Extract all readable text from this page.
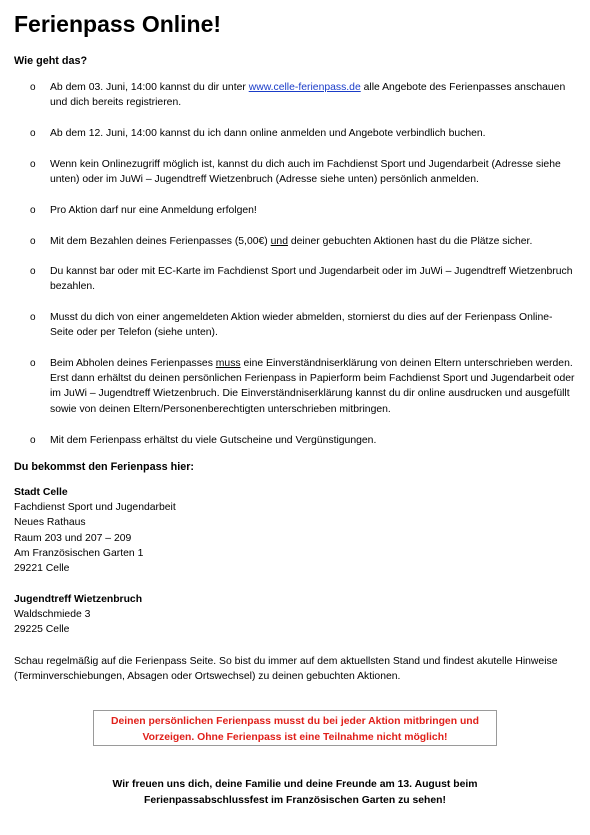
Ferienpass Online!
Wie geht das?
o Ab dem 03. Juni, 14:00 kannst du dir unter www.celle-ferienpass.de alle Angebote des Ferienpasses anschauen und dich bereits registrieren.
o Ab dem 12. Juni, 14:00 kannst du ich dann online anmelden und Angebote verbindlich buchen.
o Wenn kein Onlinezugriff möglich ist, kannst du dich auch im Fachdienst Sport und Jugendarbeit (Adresse siehe unten) oder im JuWi – Jugendtreff Wietzenbruch (Adresse siehe unten) persönlich anmelden.
o Pro Aktion darf nur eine Anmeldung erfolgen!
o Mit dem Bezahlen deines Ferienpasses (5,00€) und deiner gebuchten Aktionen hast du die Plätze sicher.
o Du kannst bar oder mit EC-Karte im Fachdienst Sport und Jugendarbeit oder im JuWi – Jugendtreff Wietzenbruch bezahlen.
o Musst du dich von einer angemeldeten Aktion wieder abmelden, stornierst du dies auf der Ferienpass Online-Seite oder per Telefon (siehe unten).
o Beim Abholen deines Ferienpasses muss eine Einverständniserklärung von deinen Eltern unterschrieben werden. Erst dann erhältst du deinen persönlichen Ferienpass in Papierform beim Fachdienst Sport und Jugendarbeit oder im JuWi – Jugendtreff Wietzenbruch. Die Einverständniserklärung kannst du dir online ausdrucken und ausgefüllt sowie von deinen Eltern/Personenberechtigten unterschrieben mitbringen.
o Mit dem Ferienpass erhältst du viele Gutscheine und Vergünstigungen.
Du bekommst den Ferienpass hier:
Stadt Celle
Fachdienst Sport und Jugendarbeit
Neues Rathaus
Raum 203 und 207 – 209
Am Französischen Garten 1
29221 Celle
Jugendtreff Wietzenbruch
Waldschmiede 3
29225 Celle
Schau regelmäßig auf die Ferienpass Seite. So bist du immer auf dem aktuellsten Stand und findest akutelle Hinweise (Terminverschiebungen, Absagen oder Ortswechsel) zu deinen gebuchten Aktionen.
Deinen persönlichen Ferienpass musst du bei jeder Aktion mitbringen und Vorzeigen. Ohne Ferienpass ist eine Teilnahme nicht möglich!
Wir freuen uns dich, deine Familie und deine Freunde am 13. August beim Ferienpassabschlussfest im Französischen Garten zu sehen!
